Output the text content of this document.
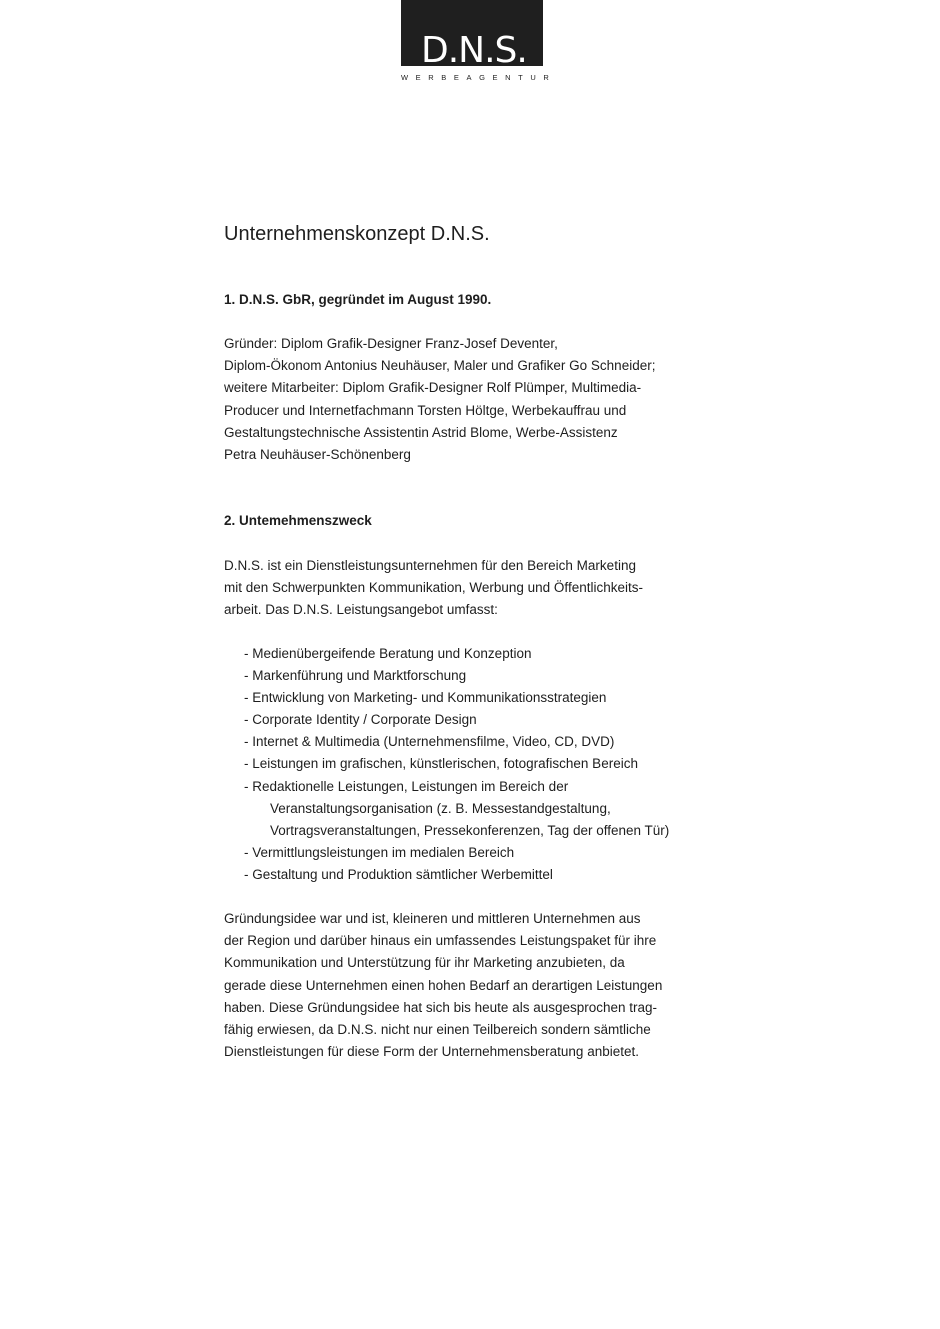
D.N.S.
WERBEAGENTUR
Unternehmenskonzept D.N.S.
1. D.N.S. GbR, gegründet im August 1990.
Gründer: Diplom Grafik-Designer Franz-Josef Deventer,
Diplom-Ökonom Antonius Neuhäuser, Maler und Grafiker Go Schneider;
weitere Mitarbeiter: Diplom Grafik-Designer Rolf Plümper, Multimedia-
Producer und Internetfachmann Torsten Höltge, Werbekauffrau und
Gestaltungstechnische Assistentin Astrid Blome, Werbe-Assistenz
Petra Neuhäuser-Schönenberg
2. Untemehmenszweck
D.N.S. ist ein Dienstleistungsunternehmen für den Bereich Marketing
mit den Schwerpunkten Kommunikation, Werbung und Öffentlichkeits-
arbeit. Das D.N.S. Leistungsangebot umfasst:
- Medienübergeifende Beratung und Konzeption
- Markenführung und Marktforschung
- Entwicklung von Marketing- und Kommunikationsstrategien
- Corporate Identity / Corporate Design
- Internet & Multimedia (Unternehmensfilme, Video, CD, DVD)
- Leistungen im grafischen, künstlerischen, fotografischen Bereich
- Redaktionelle Leistungen, Leistungen im Bereich der
Veranstaltungsorganisation (z. B. Messestandgestaltung,
Vortragsveranstaltungen, Pressekonferenzen, Tag der offenen Tür)
- Vermittlungsleistungen im medialen Bereich
- Gestaltung und Produktion sämtlicher Werbemittel
Gründungsidee war und ist, kleineren und mittleren Unternehmen aus
der Region und darüber hinaus ein umfassendes Leistungspaket für ihre
Kommunikation und Unterstützung für ihr Marketing anzubieten, da
gerade diese Unternehmen einen hohen Bedarf an derartigen Leistungen
haben. Diese Gründungsidee hat sich bis heute als ausgesprochen trag-
fähig erwiesen, da D.N.S. nicht nur einen Teilbereich sondern sämtliche
Dienstleistungen für diese Form der Unternehmensberatung anbietet.
